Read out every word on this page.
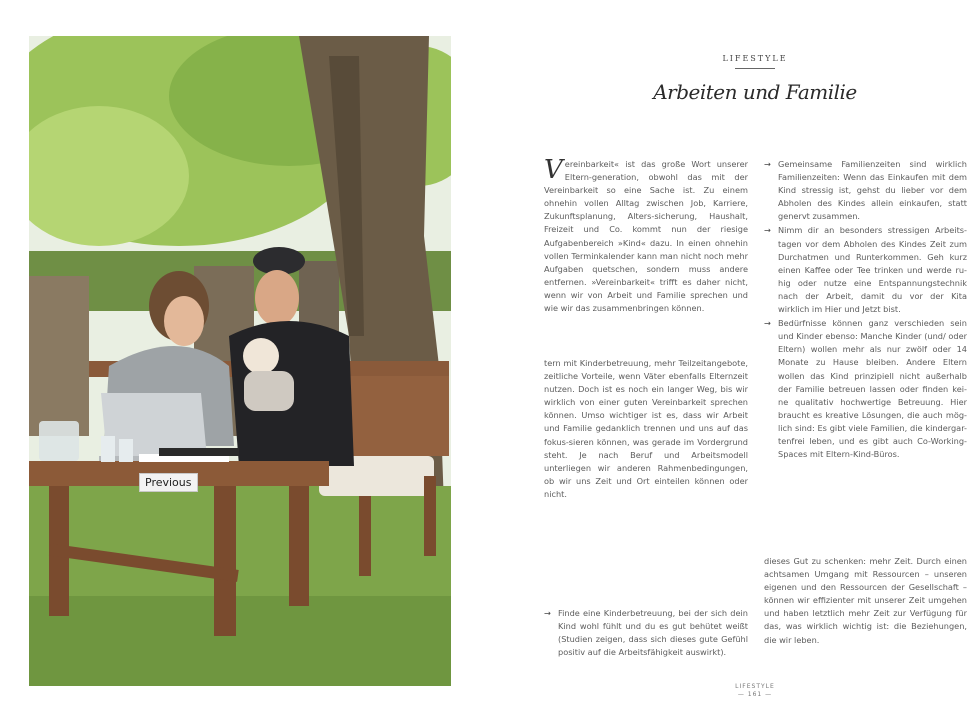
Previous
LIFESTYLE
Arbeiten und Familie
V ereinbarkeit« ist das große Wort unserer Eltern-generation, obwohl das mit der Vereinbarkeit so eine Sache ist. Zu einem ohnehin vollen Alltag zwischen Job, Karriere, Zukunftsplanung, Alters-sicherung, Haushalt, Freizeit und Co. kommt nun der riesige Aufgabenbereich »Kind« dazu. In einen ohnehin vollen Terminkalender kann man nicht noch mehr Aufgaben quetschen, sondern muss andere entfernen. »Vereinbarkeit« trifft es daher nicht, wenn wir von Arbeit und Familie sprechen und wie wir das zusammenbringen können.
tern mit Kinderbetreuung, mehr Teilzeitangebote, zeitliche Vorteile, wenn Väter ebenfalls Elternzeit nutzen. Doch ist es noch ein langer Weg, bis wir wirklich von einer guten Vereinbarkeit sprechen können. Umso wichtiger ist es, dass wir Arbeit und Familie gedanklich trennen und uns auf das fokus-sieren können, was gerade im Vordergrund steht. Je nach Beruf und Arbeitsmodell unterliegen wir anderen Rahmenbedingungen, ob wir uns Zeit und Ort einteilen können oder nicht.
→ Finde eine Kinderbetreuung, bei der sich dein Kind wohl fühlt und du es gut behütet weißt (Studien zeigen, dass sich dieses gute Gefühl positiv auf die Arbeitsfähigkeit auswirkt).
→ Gemeinsame Familienzeiten sind wirklich Familienzeiten: Wenn das Einkaufen mit dem Kind stressig ist, gehst du lieber vor dem Abholen des Kindes allein einkaufen, statt genervt zusammen.
→ Nimm dir an besonders stressigen Arbeits-tagen vor dem Abholen des Kindes Zeit zum Durchatmen und Runterkommen. Geh kurz einen Kaffee oder Tee trinken und werde ru-hig oder nutze eine Entspannungstechnik nach der Arbeit, damit du vor der Kita wirklich im Hier und Jetzt bist.
→ Bedürfnisse können ganz verschieden sein und Kinder ebenso: Manche Kinder (und/ oder Eltern) wollen mehr als nur zwölf oder 14 Monate zu Hause bleiben. Andere Eltern wollen das Kind prinzipiell nicht außerhalb der Familie betreuen lassen oder finden kei-ne qualitativ hochwertige Betreuung. Hier braucht es kreative Lösungen, die auch mög-lich sind: Es gibt viele Familien, die kindergar-tenfrei leben, und es gibt auch Co-Working-Spaces mit Eltern-Kind-Büros.
dieses Gut zu schenken: mehr Zeit. Durch einen achtsamen Umgang mit Ressourcen – unseren eigenen und den Ressourcen der Gesellschaft – können wir effizienter mit unserer Zeit umgehen und haben letztlich mehr Zeit zur Verfügung für das, was wirklich wichtig ist: die Beziehungen, die wir leben.
LIFESTYLE
— 161 —
